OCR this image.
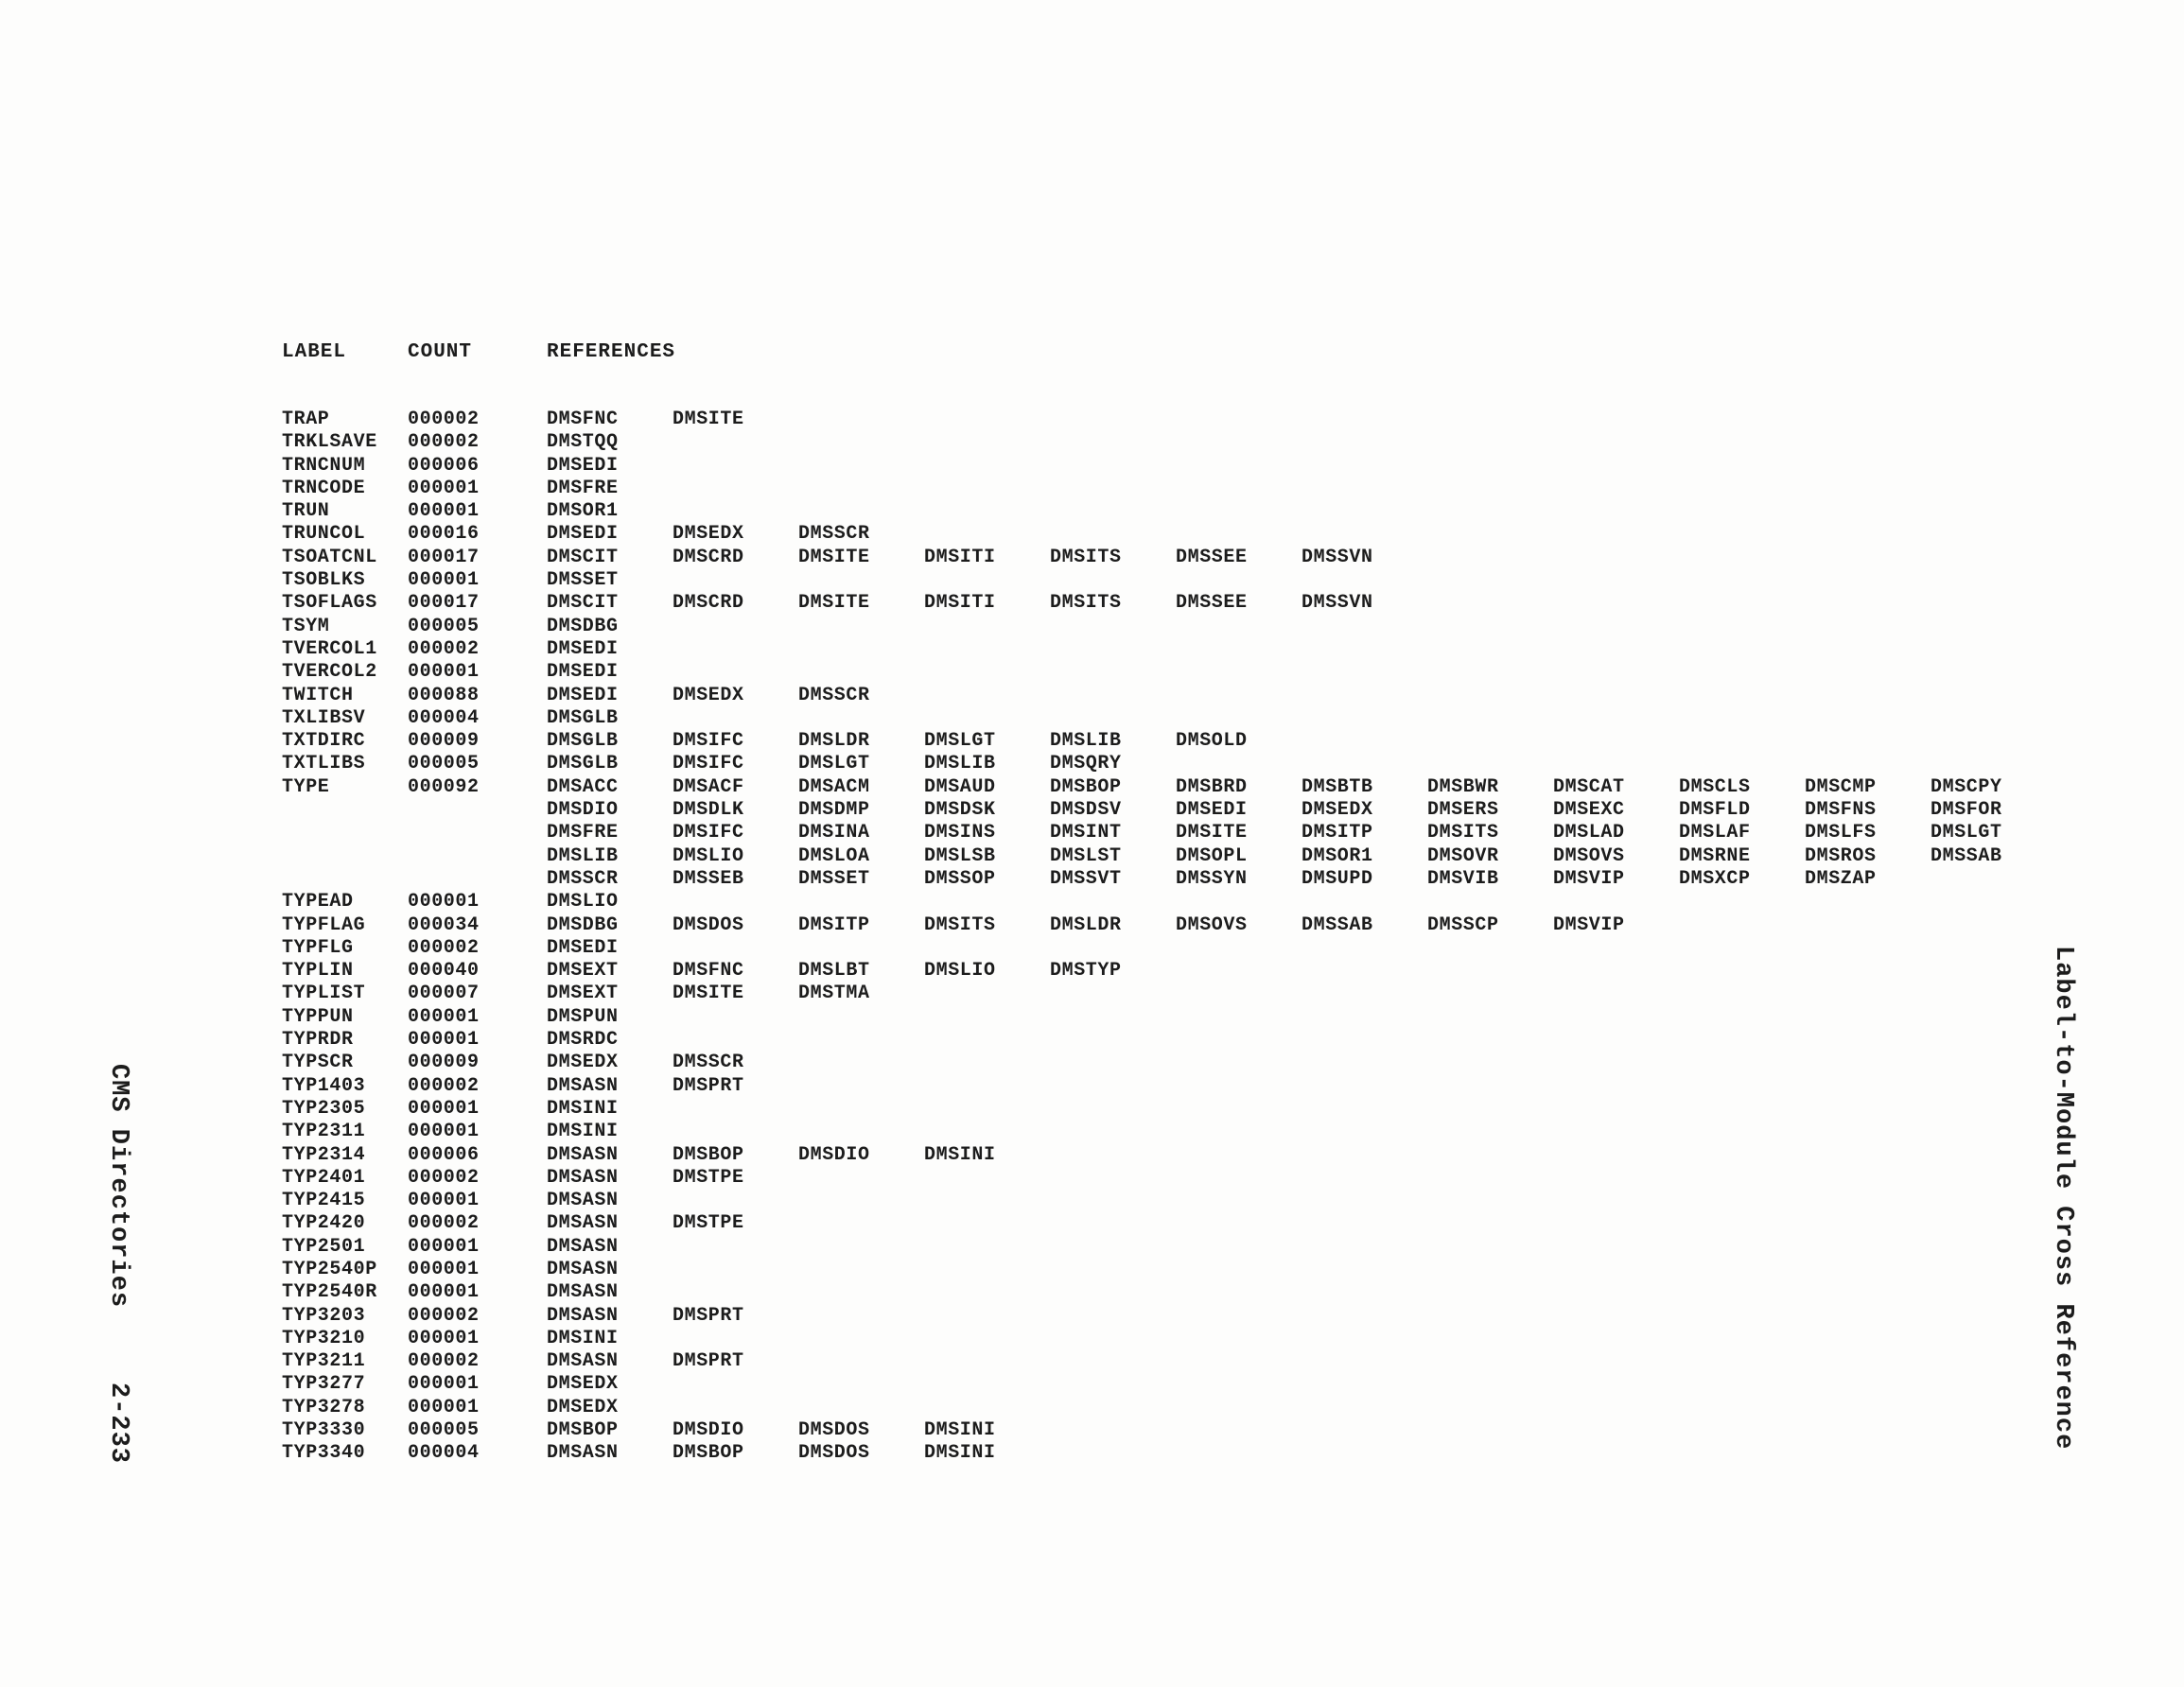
LABEL	COUNT	REFERENCES
TRAP	000002	DMSFNC	DMSITE
TRKLSAVE 000002	DMSTQQ
TRNCNUM 000006	DMSEDI
TRNCODE 000001	DMSFRE
TRUN	000001	DMSOR1
TRUNCOL 000016	DMSEDI	DMSEDX	DMSSCR
TSOATCNL 000017	DMSCIT	DMSCRD	DMSITE	DMSITI	DMSITS	DMSSEE	DMSSVN
TSOBLKS 000001	DMSSET
TSOFLAGS 000017	DMSCIT	DMSCRD	DMSITE	DMSITI	DMSITS	DMSSEE	DMSSVN
TSYM	000005	DMSDBG
TVERCOL1 000002	DMSEDI
TVERCOL2 000001	DMSEDI
TWITCH	000088	DMSEDI	DMSEDX	DMSSCR
TXLIBSV 000004	DMSGLB
TXTDIRC 000009	DMSGLB	DMSIFC	DMSLDR	DMSLGT	DMSLIB	DMSOLD
TXTLIBS 000005	DMSGLB	DMSIFC	DMSLGT	DMSLIB	DMSQRY
TYPE	000092	DMSACC	DMSACF	DMSACM	DMSAUD	DMSBOP	DMSBRD	DMSBTB	DMSBWR	DMSCAT	DMSCLS	DMSCMP	DMSCPY
DMSDIO	DMSDLK	DMSDMP	DMSDSK	DMSDSV	DMSEDI	DMSEDX	DMSERS	DMSEXC	DMSFLD	DMSFNS	DMSFOR
DMSFRE	DMSIFC	DMSINA	DMSINS	DMSINT	DMSITE	DMSITP	DMSITS	DMSLAD	DMSLAF	DMSLFS	DMSLGT
DMSLIB	DMSLIO	DMSLOA	DMSLSB	DMSLST	DMSOPL	DMSOR1	DMSOVR	DMSOVS	DMSRNE	DMSROS	DMSSAB
DMSSCR	DMSSEB	DMSSET	DMSSOP	DMSSVT	DMSSYN	DMSUPD	DMSVIB	DMSVIP	DMSXCP	DMSZAP
TYPEAD	000001	DMSLIO
TYPFLAG 000034	DMSDBG	DMSDOS	DMSITP	DMSITS	DMSLDR	DMSOVS	DMSSAB	DMSSCP	DMSVIP
TYPFLG	000002	DMSEDI
TYPLIN	000040	DMSEXT	DMSFNC	DMSLBT	DMSLIO	DMSTYP
TYPLIST 000007	DMSEXT	DMSITE	DMSTMA
TYPPUN	000001	DMSPUN
TYPRDR	000001	DMSRDC
TYPSCR	000009	DMSEDX	DMSSCR
TYP1403 000002	DMSASN	DMSPRT
TYP2305 000001	DMSINI
TYP2311 000001	DMSINI
TYP2314 000006	DMSASN	DMSBOP	DMSDIO	DMSINI
TYP2401 000002	DMSASN	DMSTPE
TYP2415 000001	DMSASN
TYP2420 000002	DMSASN	DMSTPE
TYP2501 000001	DMSASN
TYP2540P 000001	DMSASN
TYP2540R 000001	DMSASN
TYP3203 000002	DMSASN	DMSPRT
TYP3210 000001	DMSINI
TYP3211 000002	DMSASN	DMSPRT
TYP3277 000001	DMSEDX
TYP3278 000001	DMSEDX
TYP3330 000005	DMSBOP	DMSDIO	DMSDOS	DMSINI
TYP3340 000004	DMSASN	DMSBOP	DMSDOS	DMSINI
CMS Directories
2-233	Label-to-Module Cross Reference
